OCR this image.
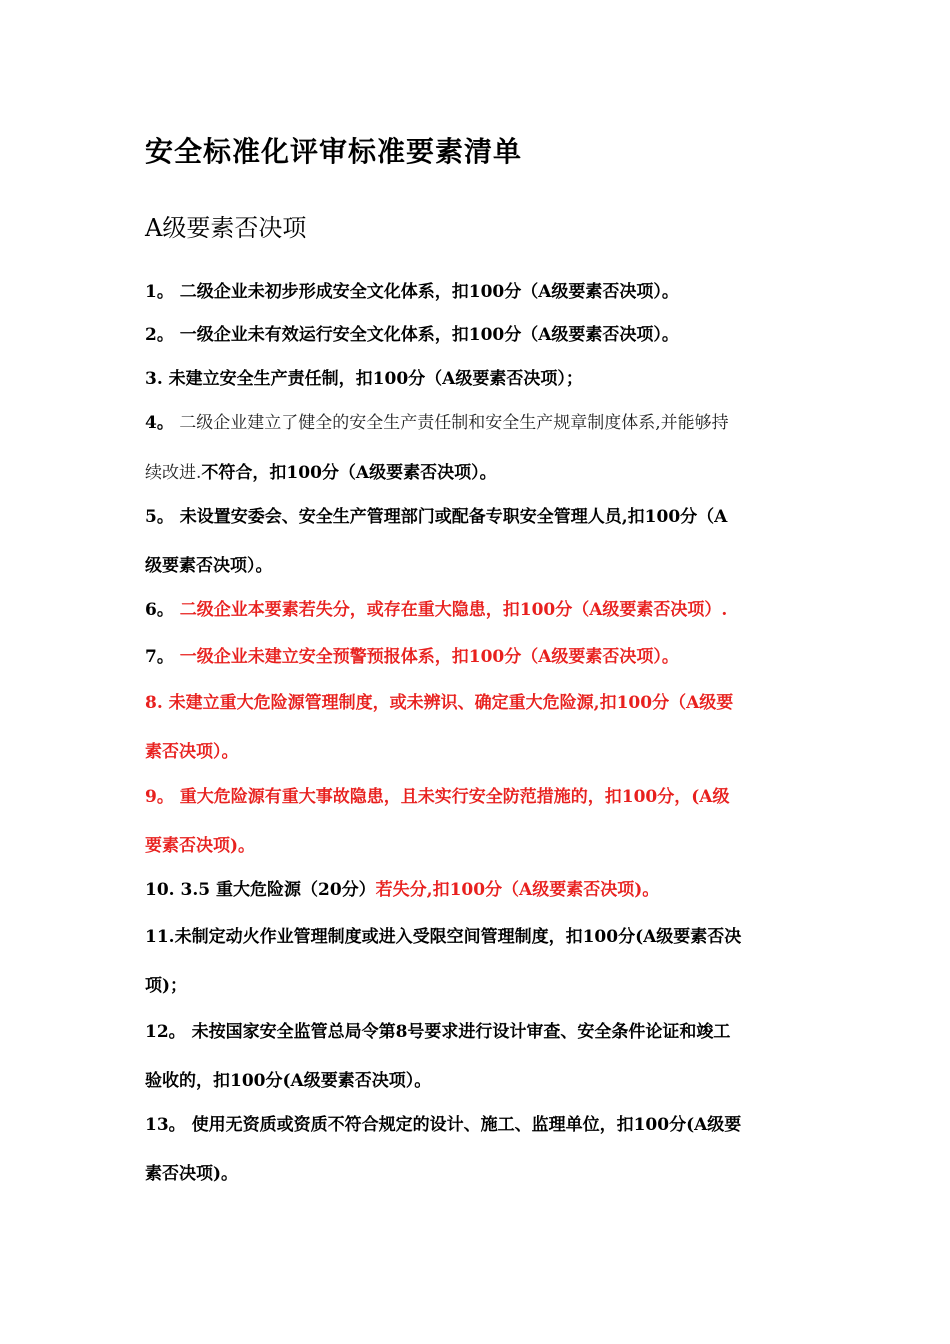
安全标准化评审标准要素清单
A级要素否决项
1。 二级企业未初步形成安全文化体系，扣100分（A级要素否决项）。
2。 一级企业未有效运行安全文化体系，扣100分（A级要素否决项）。
3. 未建立安全生产责任制，扣100分（A级要素否决项）；
4。 二级企业建立了健全的安全生产责任制和安全生产规章制度体系,并能够持
续改进.不符合，扣100分（A级要素否决项）。
5。 未设置安委会、安全生产管理部门或配备专职安全管理人员,扣100分（A
级要素否决项）。
6。 二级企业本要素若失分，或存在重大隐患，扣100分（A级要素否决项）.
7。 一级企业未建立安全预警预报体系，扣100分（A级要素否决项）。
8. 未建立重大危险源管理制度，或未辨识、确定重大危险源,扣100分（A级要
素否决项）。
9。 重大危险源有重大事故隐患，且未实行安全防范措施的，扣100分，(A级
要素否决项)。
10. 3.5 重大危险源（20分）若失分,扣100分（A级要素否决项)。
11.未制定动火作业管理制度或进入受限空间管理制度，扣100分(A级要素否决
项)；
12。 未按国家安全监管总局令第8号要求进行设计审查、安全条件论证和竣工
验收的，扣100分(A级要素否决项）。
13。 使用无资质或资质不符合规定的设计、施工、监理单位，扣100分(A级要
素否决项)。
